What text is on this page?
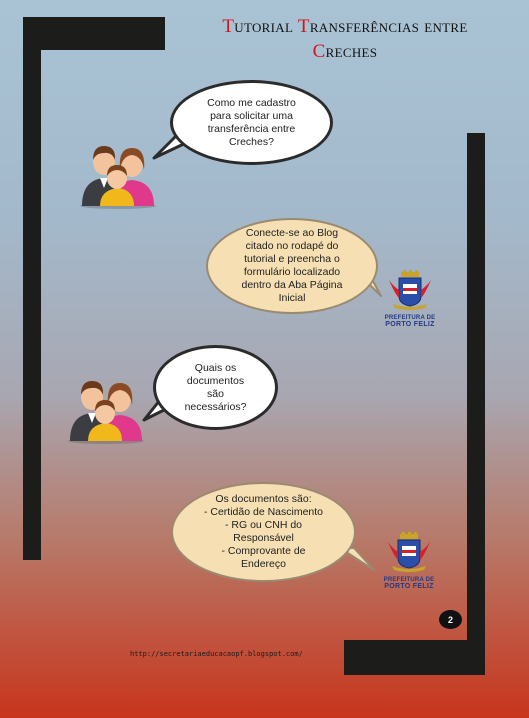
Tutorial Transferências entre
Creches
Como me cadastro para solicitar uma transferência entre Creches?
Conecte-se ao Blog citado no rodapé do tutorial e preencha o formulário localizado dentro da Aba Página Inicial
PREFEITURA DE
PORTO FELIZ
Quais os documentos são necessários?
Os documentos são:
- Certidão de Nascimento
- RG ou CNH do Responsável
- Comprovante de Endereço
PREFEITURA DE
PORTO FELIZ
2
http://secretariaeducacaopf.blogspot.com/
